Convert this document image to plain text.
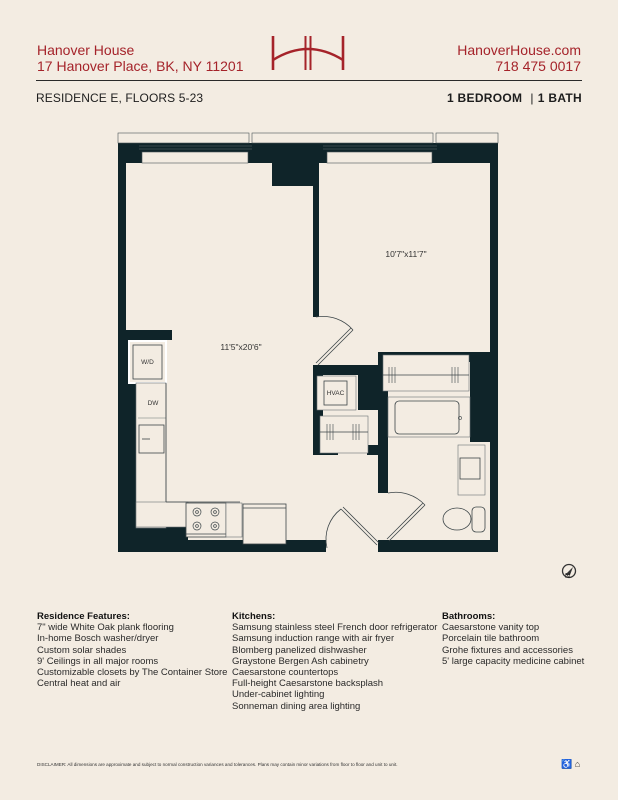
Hanover House
17 Hanover Place, BK, NY 11201
HanoverHouse.com
718 475 0017
RESIDENCE E, FLOORS 5-23	1 BEDROOM | 1 BATH
W/D
DW
11'5"x20'6"
10'7"x11'7"
HVAC
N
Residence Features:
7" wide White Oak plank flooring
In-home Bosch washer/dryer
Custom solar shades
9' Ceilings in all major rooms
Customizable closets by The Container Store
Central heat and air
Kitchens:
Samsung stainless steel French door refrigerator
Samsung induction range with air fryer
Blomberg panelized dishwasher
Graystone Bergen Ash cabinetry
Caesarstone countertops
Full-height Caesarstone backsplash
Under-cabinet lighting
Sonneman dining area lighting
Bathrooms:
Caesarstone vanity top
Porcelain tile bathroom
Grohe fixtures and accessories
5' large capacity medicine cabinet
DISCLAIMER: All dimensions are approximate and subject to normal construction variances and tolerances. Plans may contain minor variations from floor to floor and unit to unit.	♿ ⌂
